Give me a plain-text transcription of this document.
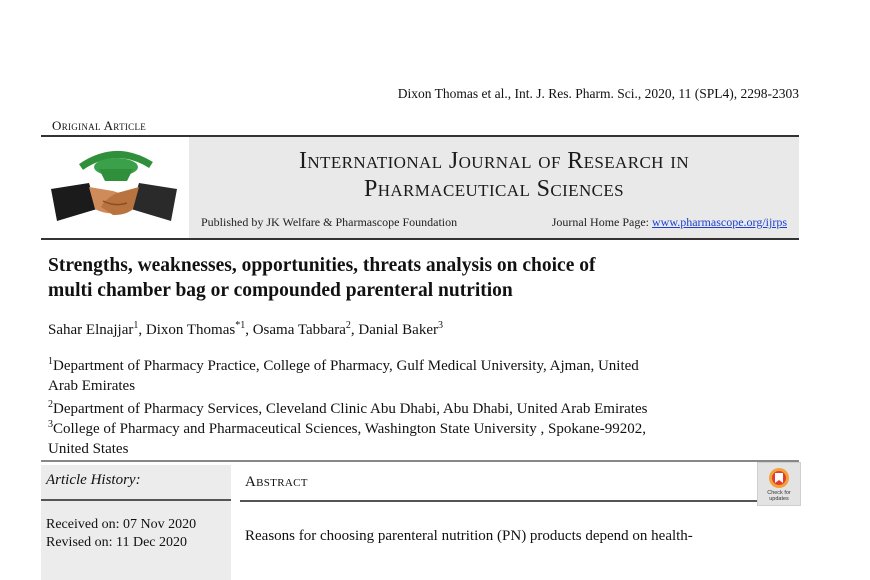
Dixon Thomas et al., Int. J. Res. Pharm. Sci., 2020, 11 (SPL4), 2298-2303
Original Article
International Journal of Research in
Pharmaceutical Sciences
Published by JK Welfare & Pharmascope Foundation	Journal Home Page: www.pharmascope.org/ijrps
Strengths, weaknesses, opportunities, threats analysis on choice of
multi chamber bag or compounded parenteral nutrition
Sahar Elnajjar$^1$, Dixon Thomas$^{*1}$, Osama Tabbara$^2$, Danial Baker$^3$
$^1$Department of Pharmacy Practice, College of Pharmacy, Gulf Medical University, Ajman, United
Arab Emirates
$^2$Department of Pharmacy Services, Cleveland Clinic Abu Dhabi, Abu Dhabi, United Arab Emirates
$^3$College of Pharmacy and Pharmaceutical Sciences, Washington State University , Spokane-99202,
United States
Article History:
Received on: 07 Nov 2020
Revised on: 11 Dec 2020
Abstract
Reasons for choosing parenteral nutrition (PN) products depend on health-
Check for
updates
